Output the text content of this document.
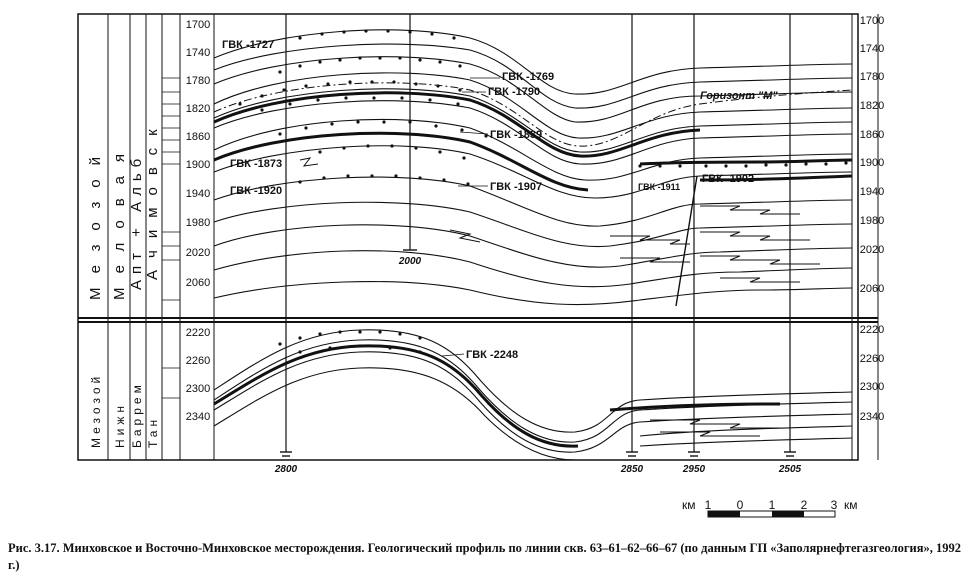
Мезозой Меловая Апт + Альб Ачимовск
Мезозой Нижн Баррем Тан
1700
1740
1780
1820
1860
1900
1940
1980
2020
2060
2220
2260
2300
2340
1700
1740
1780
1820
1860
1900
1940
1980
2020
2060
2220
2260
2300
2340
2000
2800	2850	2950	2505
ГВК -1727
ГВК -1769
ГВК -1790
ГВК -1839
ГВК -1873
ГВК -1907
ГВК -1920	ГВК -1911
ГВК -1902
ГВК -2248
Горизонт "М"
км 1 0 1 2 3 км
Рис. 3.17. Минховское и Восточно-Минховское месторождения. Геологический профиль по линии скв. 63–61–62–66–67 (по данным ГП «Заполярнефтегазгеология», 1992 г.)
